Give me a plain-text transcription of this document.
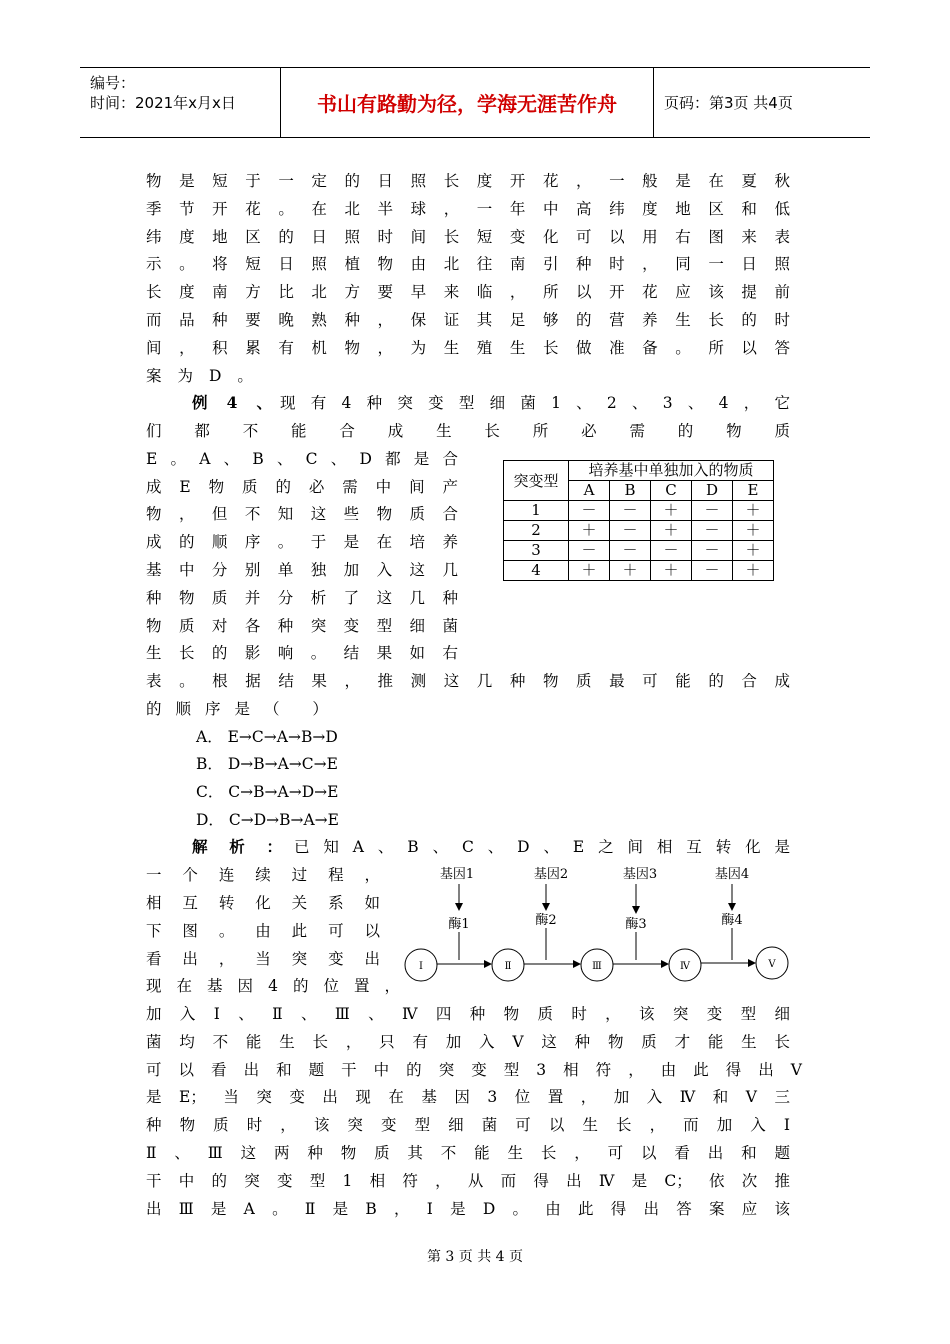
编号：
时间：2021年x月x日	书山有路勤为径，学海无涯苦作舟	页码：第3页 共4页
物是短于一定的日照长度开花，一般是在夏秋
季节开花。在北半球，一年中高纬度地区和低
纬度地区的日照时间长短变化可以用右图来表
示。将短日照植物由北往南引种时，同一日照
长度南方比北方要早来临，所以开花应该提前
而品种要晚熟种，保证其足够的营养生长的时
间，积累有机物，为生殖生长做准备。所以答
案为D。
例4、 现有4种突变型细菌1、2、3、4，它
们都不能合成生长所必需的物质
E。A、B、C、D都是合
成E物质的必需中间产
物，但不知这些物质合
成的顺序。于是在培养
基中分别单独加入这几
种物质并分析了这几种
物质对各种突变型细菌
生长的影响。结果如右
表。根据结果，推测这几种物质最可能的合成
的顺序是（ ）
A． E→C→A→B→D
B． D→B→A→C→E
C． C→B→A→D→E
D． C→D→B→A→E
突变型	培养基中单独加入的物质				
	A	B	C	D	E
1	－	－	＋	－	＋
2	＋	－	＋	－	＋
3	－	－	－	－	＋
4	＋	＋	＋	－	＋
解析： 已知A、B、C、D、E之间相互转化是
一个连续过程，
相互转化关系如
下图。由此可以
看出，当突变出
现在基因4的位置，
加入Ⅰ、Ⅱ、Ⅲ、Ⅳ四种物质时，该突变型细
菌均不能生长，只有加入Ⅴ这种物质才能生长
可以看出和题干中的突变型3相符，由此得出Ⅴ
是E；当突变出现在基因3位置，加入Ⅳ和Ⅴ三
种物质时，该突变型细菌可以生长，而加入Ⅰ
Ⅱ、Ⅲ这两种物质其不能生长，可以看出和题
干中的突变型1相符，从而得出Ⅳ是C；依次推
出Ⅲ是A。Ⅱ是B，Ⅰ是D。由此得出答案应该
基因1	基因2	基因3	基因4
酶1	酶2	酶3	酶4
Ⅰ	Ⅱ	Ⅲ	Ⅳ	Ⅴ
第 3 页 共 4 页
